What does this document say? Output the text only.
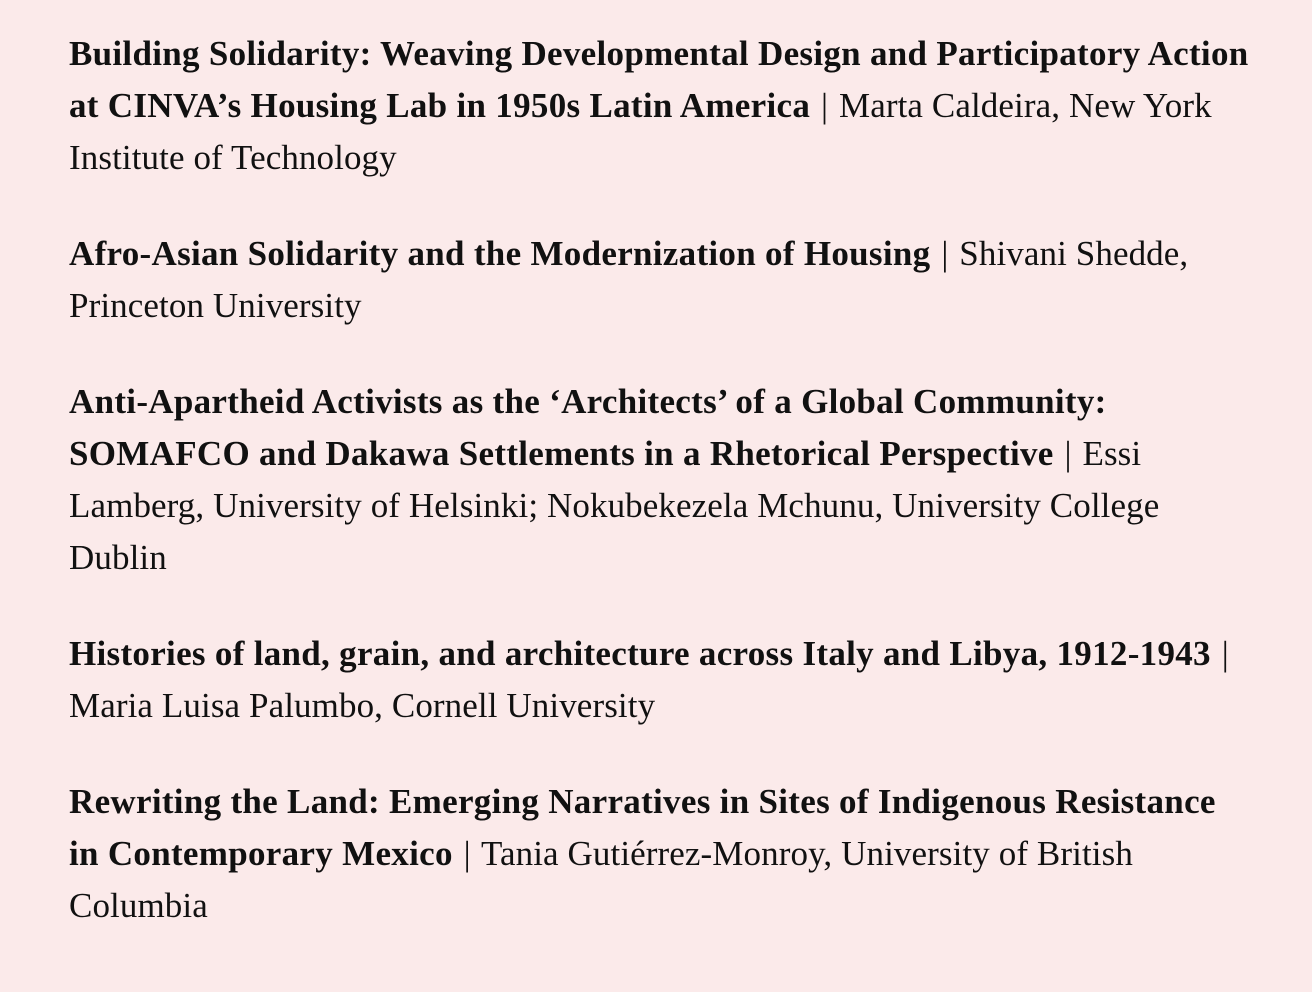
Building Solidarity: Weaving Developmental Design and Participatory Action at CINVA’s Housing Lab in 1950s Latin America | Marta Caldeira, New York Institute of Technology

Afro-Asian Solidarity and the Modernization of Housing | Shivani Shedde, Princeton University

Anti-Apartheid Activists as the ‘Architects’ of a Global Community: SOMAFCO and Dakawa Settlements in a Rhetorical Perspective | Essi Lamberg, University of Helsinki; Nokubekezela Mchunu, University College Dublin

Histories of land, grain, and architecture across Italy and Libya, 1912-1943 | Maria Luisa Palumbo, Cornell University

Rewriting the Land: Emerging Narratives in Sites of Indigenous Resistance in Contemporary Mexico | Tania Gutiérrez-Monroy, University of British Columbia
